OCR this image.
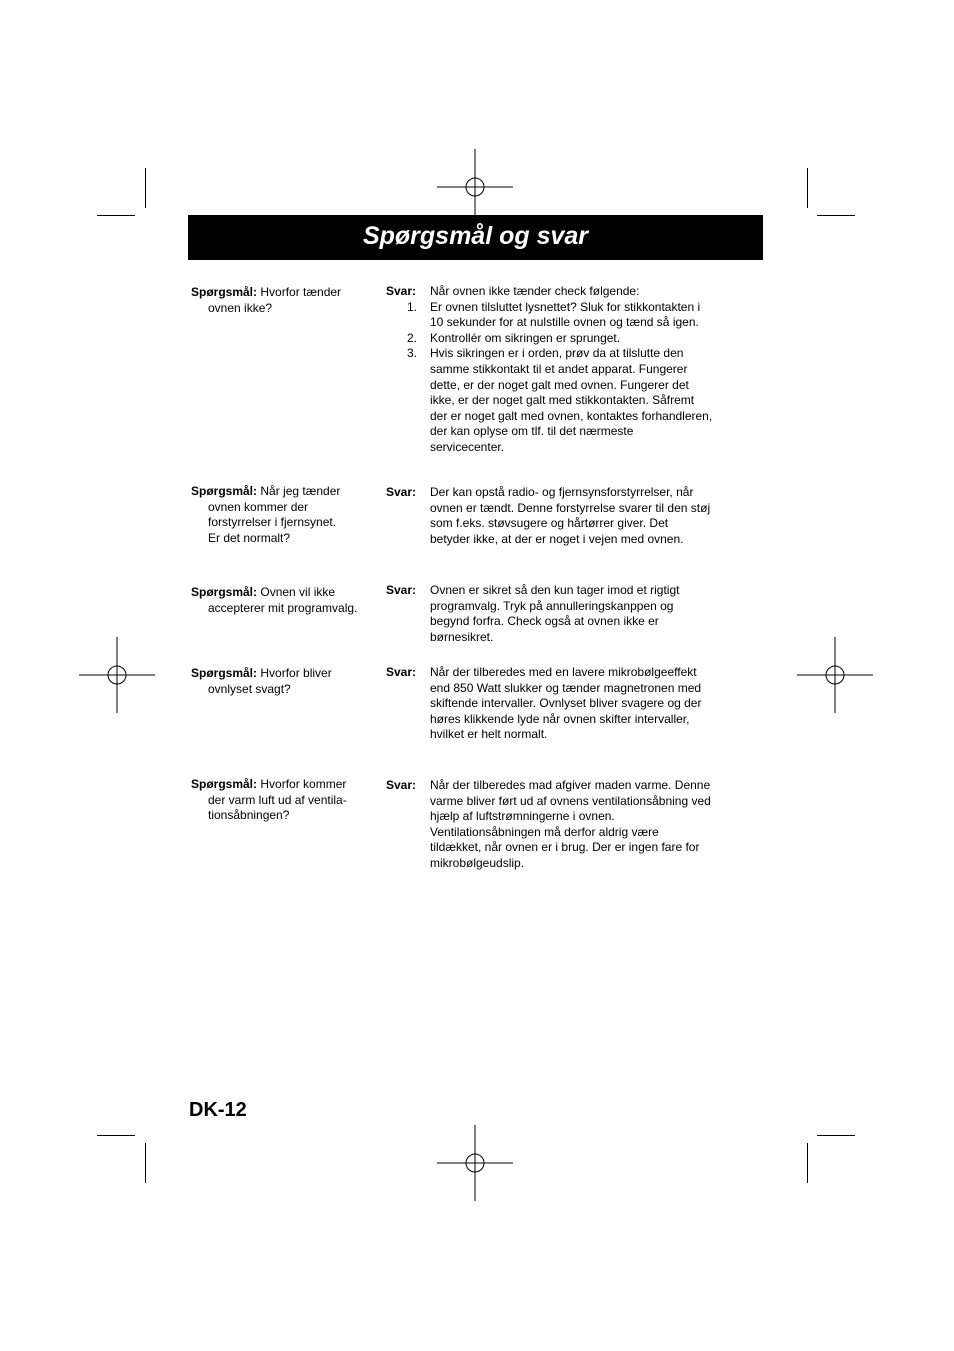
Spørgsmål og svar
Spørgsmål: Hvorfor tænder
ovnen ikke?
Svar: Når ovnen ikke tænder check følgende:
1. Er ovnen tilsluttet lysnettet? Sluk for stikkontakten i
10 sekunder for at nulstille ovnen og tænd så igen.
2. Kontrollér om sikringen er sprunget.
3. Hvis sikringen er i orden, prøv da at tilslutte den
samme stikkontakt til et andet apparat. Fungerer
dette, er der noget galt med ovnen. Fungerer det
ikke, er der noget galt med stikkontakten. Såfremt
der er noget galt med ovnen, kontaktes forhandleren,
der kan oplyse om tlf. til det nærmeste
servicecenter.
Spørgsmål: Når jeg tænder
ovnen kommer der
forstyrrelser i fjernsynet.
Er det normalt?
Svar: Der kan opstå radio- og fjernsynsforstyrrelser, når
ovnen er tændt. Denne forstyrrelse svarer til den støj
som f.eks. støvsugere og hårtørrer giver. Det
betyder ikke, at der er noget i vejen med ovnen.
Spørgsmål: Ovnen vil ikke
accepterer mit programvalg.
Svar: Ovnen er sikret så den kun tager imod et rigtigt
programvalg. Tryk på annulleringskanppen og
begynd forfra. Check også at ovnen ikke er
børnesikret.
Spørgsmål: Hvorfor bliver
ovnlyset svagt?
Svar: Når der tilberedes med en lavere mikrobølgeeffekt
end 850 Watt slukker og tænder magnetronen med
skiftende intervaller. Ovnlyset bliver svagere og der
høres klikkende lyde når ovnen skifter intervaller,
hvilket er helt normalt.
Spørgsmål: Hvorfor kommer
der varm luft ud af ventila-
tionsåbningen?
Svar: Når der tilberedes mad afgiver maden varme. Denne
varme bliver ført ud af ovnens ventilationsåbning ved
hjælp af luftstrømningerne i ovnen.
Ventilationsåbningen må derfor aldrig være
tildækket, når ovnen er i brug. Der er ingen fare for
mikrobølgeudslip.
DK-12
